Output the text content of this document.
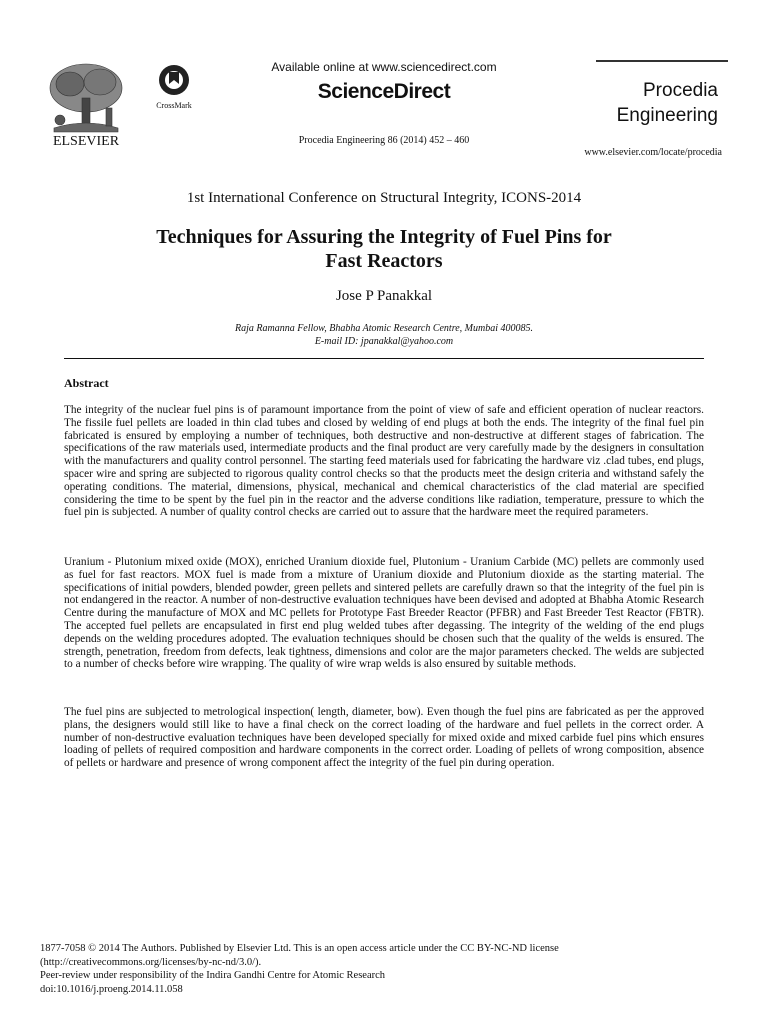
ELSEVIER
CrossMark
Available online at www.sciencedirect.com
ScienceDirect
Procedia Engineering 86 (2014) 452 – 460
Procedia
Engineering
www.elsevier.com/locate/procedia
1st International Conference on Structural Integrity, ICONS-2014
Techniques for Assuring the Integrity of Fuel Pins for
Fast Reactors
Jose P Panakkal
Raja Ramanna Fellow, Bhabha Atomic Research Centre, Mumbai 400085.
E-mail ID: jpanakkal@yahoo.com
Abstract
The integrity of the nuclear fuel pins is of paramount importance from the point of view of safe and efficient operation of nuclear reactors. The fissile fuel pellets are loaded in thin clad tubes and closed by welding of end plugs at both the ends. The integrity of the final fuel pin fabricated is ensured by employing a number of techniques, both destructive and non-destructive at different stages of fabrication. The specifications of the raw materials used, intermediate products and the final product are very carefully made by the designers in consultation with the manufacturers and quality control personnel. The starting feed materials used for fabricating the hardware viz .clad tubes, end plugs, spacer wire and spring are subjected to rigorous quality control checks so that the products meet the design criteria and withstand safely the operating conditions. The material, dimensions, physical, mechanical and chemical characteristics of the clad material are specified considering the time to be spent by the fuel pin in the reactor and the adverse conditions like radiation, temperature, pressure to which the fuel pin is subjected. A number of quality control checks are carried out to assure that the hardware meet the required parameters.
Uranium - Plutonium mixed oxide (MOX), enriched Uranium dioxide fuel, Plutonium - Uranium Carbide (MC) pellets are commonly used as fuel for fast reactors. MOX fuel is made from a mixture of Uranium dioxide and Plutonium dioxide as the starting material. The specifications of initial powders, blended powder, green pellets and sintered pellets are carefully drawn so that the integrity of the fuel pin is not endangered in the reactor. A number of non-destructive evaluation techniques have been devised and adopted at Bhabha Atomic Research Centre during the manufacture of MOX and MC pellets for Prototype Fast Breeder Reactor (PFBR) and Fast Breeder Test Reactor (FBTR). The accepted fuel pellets are encapsulated in first end plug welded tubes after degassing. The integrity of the welding of the end plugs depends on the welding procedures adopted. The evaluation techniques should be chosen such that the quality of the welds is ensured. The strength, penetration, freedom from defects, leak tightness, dimensions and color are the major parameters checked. The welds are subjected to a number of checks before wire wrapping. The quality of wire wrap welds is also ensured by suitable methods.
The fuel pins are subjected to metrological inspection( length, diameter, bow). Even though the fuel pins are fabricated as per the approved plans, the designers would still like to have a final check on the correct loading of the hardware and fuel pellets in the correct order. A number of non-destructive evaluation techniques have been developed specially for mixed oxide and mixed carbide fuel pins which ensures loading of pellets of required composition and hardware components in the correct order. Loading of pellets of wrong composition, absence of pellets or hardware and presence of wrong component affect the integrity of the fuel pin during operation.
1877-7058 © 2014 The Authors. Published by Elsevier Ltd. This is an open access article under the CC BY-NC-ND license
(http://creativecommons.org/licenses/by-nc-nd/3.0/).
Peer-review under responsibility of the Indira Gandhi Centre for Atomic Research
doi:10.1016/j.proeng.2014.11.058
